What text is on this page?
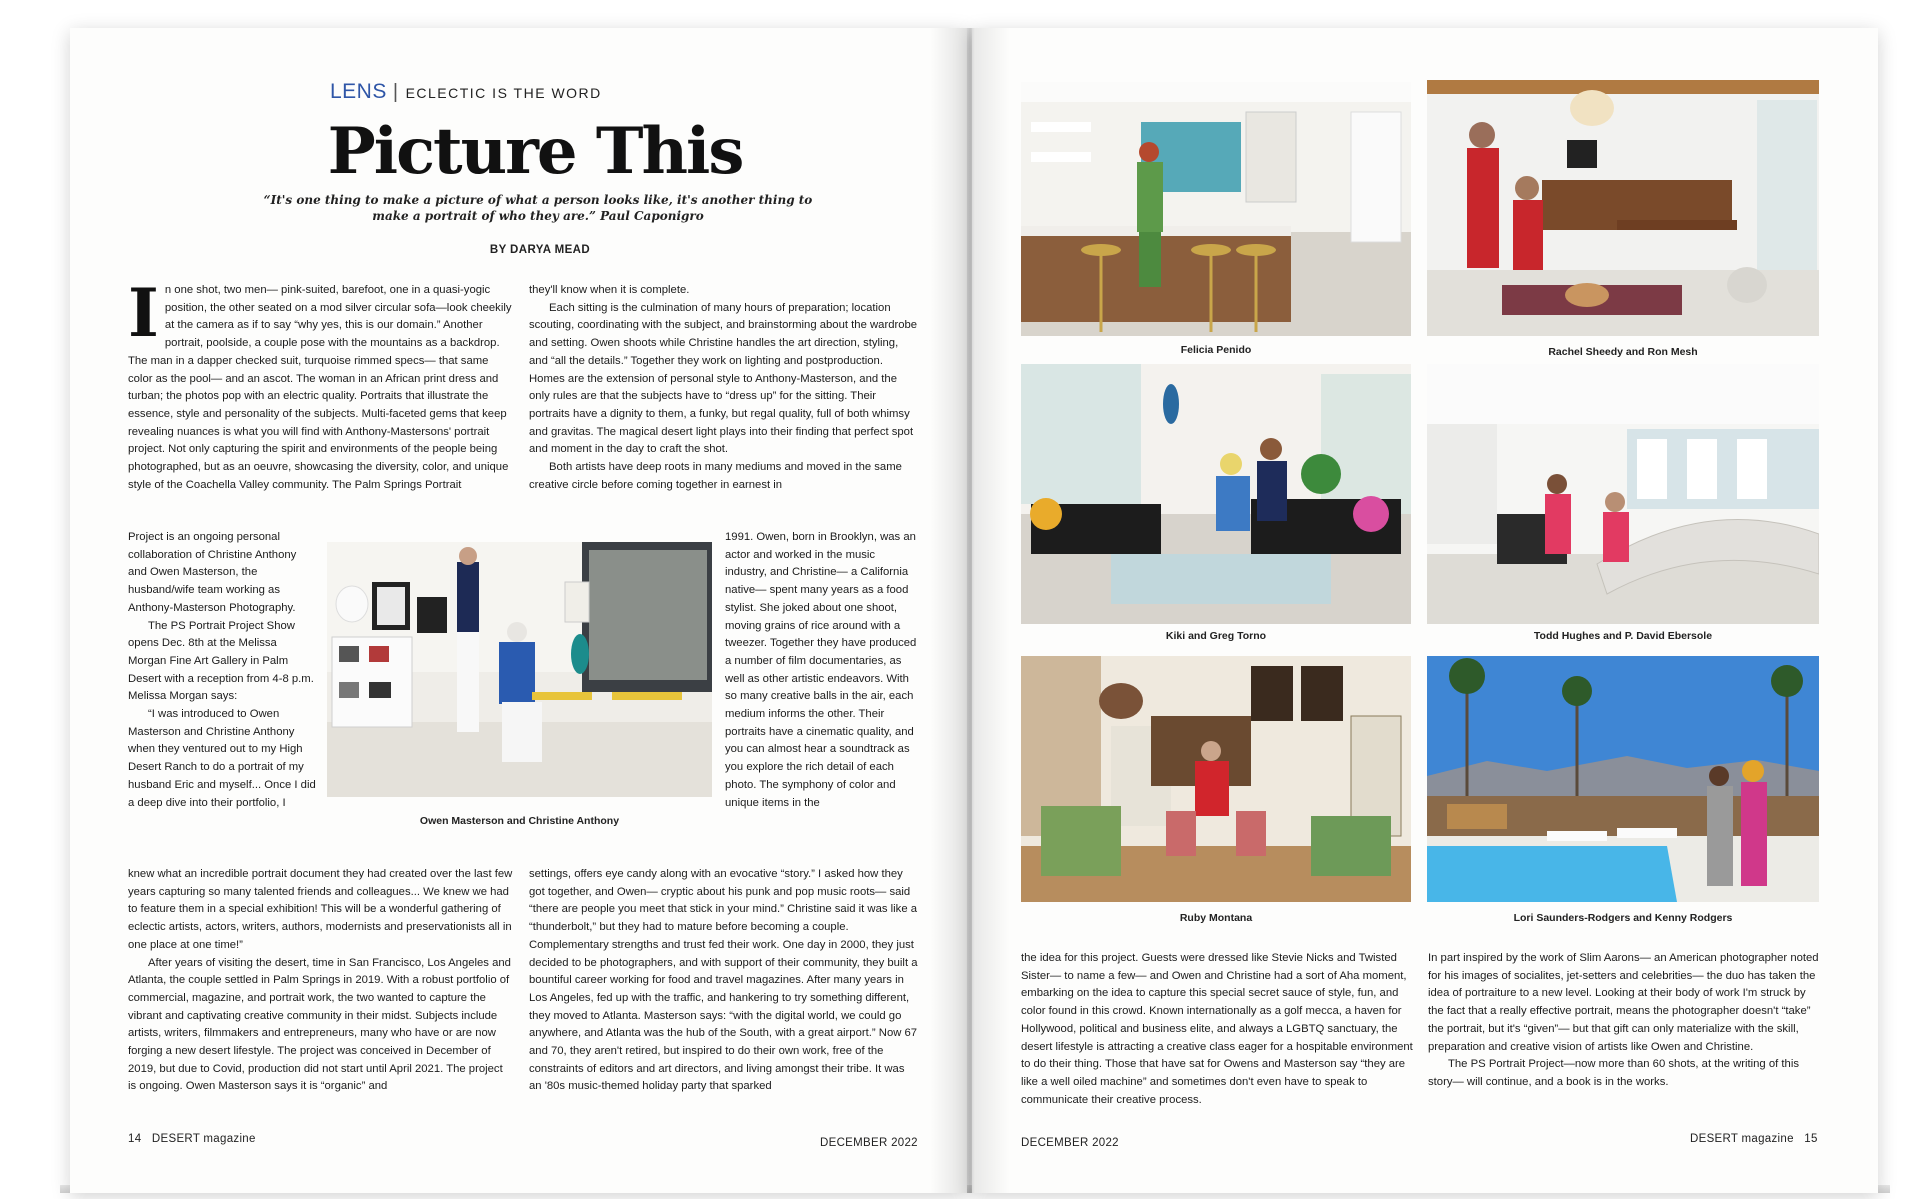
LENS | ECLECTIC IS THE WORD
Picture This
“It's one thing to make a picture of what a person looks like, it's another thing to
make a portrait of who they are.” Paul Caponigro
BY DARYA MEAD
I n one shot, two men— pink-suited, barefoot, one in a quasi-yogic position, the other seated on a mod silver circular sofa—look cheekily at the camera as if to say “why yes, this is our domain.” Another portrait, poolside, a couple pose with the mountains as a backdrop. The man in a dapper checked suit, turquoise rimmed specs— that same color as the pool— and an ascot. The woman in an African print dress and turban; the photos pop with an electric quality. Portraits that illustrate the essence, style and personality of the subjects. Multi-faceted gems that keep revealing nuances is what you will find with Anthony-Mastersons' portrait project. Not only capturing the spirit and environments of the people being photographed, but as an oeuvre, showcasing the diversity, color, and unique style of the Coachella Valley community. The Palm Springs Portrait

Project is an ongoing personal collaboration of Christine Anthony and Owen Masterson, the husband/wife team working as Anthony-Masterson Photography.

The PS Portrait Project Show opens Dec. 8th at the Melissa Morgan Fine Art Gallery in Palm Desert with a reception from 4-8 p.m. Melissa Morgan says:

“I was introduced to Owen Masterson and Christine Anthony when they ventured out to my High Desert Ranch to do a portrait of my husband Eric and myself... Once I did a deep dive into their portfolio, I

knew what an incredible portrait document they had created over the last few years capturing so many talented friends and colleagues... We knew we had to feature them in a special exhibition! This will be a wonderful gathering of eclectic artists, actors, writers, authors, modernists and preservationists all in one place at one time!”

After years of visiting the desert, time in San Francisco, Los Angeles and Atlanta, the couple settled in Palm Springs in 2019. With a robust portfolio of commercial, magazine, and portrait work, the two wanted to capture the vibrant and captivating creative community in their midst. Subjects include artists, writers, filmmakers and entrepreneurs, many who have or are now forging a new desert lifestyle. The project was conceived in December of 2019, but due to Covid, production did not start until April 2021. The project is ongoing. Owen Masterson says it is “organic” and

they'll know when it is complete.

Each sitting is the culmination of many hours of preparation; location scouting, coordinating with the subject, and brainstorming about the wardrobe and setting. Owen shoots while Christine handles the art direction, styling, and “all the details.” Together they work on lighting and postproduction. Homes are the extension of personal style to Anthony-Masterson, and the only rules are that the subjects have to “dress up” for the sitting. Their portraits have a dignity to them, a funky, but regal quality, full of both whimsy and gravitas. The magical desert light plays into their finding that perfect spot and moment in the day to craft the shot.

Both artists have deep roots in many mediums and moved in the same creative circle before coming together in earnest in

1991. Owen, born in Brooklyn, was an actor and worked in the music industry, and Christine— a California native— spent many years as a food stylist. She joked about one shoot, moving grains of rice around with a tweezer. Together they have produced a number of film documentaries, as well as other artistic endeavors. With so many creative balls in the air, each medium informs the other. Their portraits have a cinematic quality, and you can almost hear a soundtrack as you explore the rich detail of each photo. The symphony of color and unique items in the

settings, offers eye candy along with an evocative “story.” I asked how they got together, and Owen— cryptic about his punk and pop music roots— said “there are people you meet that stick in your mind.” Christine said it was like a “thunderbolt,” but they had to mature before becoming a couple. Complementary strengths and trust fed their work. One day in 2000, they just decided to be photographers, and with support of their community, they built a bountiful career working for food and travel magazines. After many years in Los Angeles, fed up with the traffic, and hankering to try something different, they moved to Atlanta. Masterson says: “with the digital world, we could go anywhere, and Atlanta was the hub of the South, with a great airport.” Now 67 and 70, they aren't retired, but inspired to do their own work, free of the constraints of editors and art directors, and living amongst their tribe. It was an '80s music-themed holiday party that sparked

Owen Masterson and Christine Anthony
14 DESERT magazine	DECEMBER 2022
Felicia Penido	Rachel Sheedy and Ron Mesh
Kiki and Greg Torno	Todd Hughes and P. David Ebersole
Ruby Montana	Lori Saunders-Rodgers and Kenny Rodgers

the idea for this project. Guests were dressed like Stevie Nicks and Twisted Sister— to name a few— and Owen and Christine had a sort of Aha moment, embarking on the idea to capture this special secret sauce of style, fun, and color found in this crowd. Known internationally as a golf mecca, a haven for Hollywood, political and business elite, and always a LGBTQ sanctuary, the desert lifestyle is attracting a creative class eager for a hospitable environment to do their thing. Those that have sat for Owens and Masterson say “they are like a well oiled machine” and sometimes don't even have to speak to communicate their creative process.

In part inspired by the work of Slim Aarons— an American photographer noted for his images of socialites, jet-setters and celebrities— the duo has taken the idea of portraiture to a new level. Looking at their body of work I'm struck by the fact that a really effective portrait, means the photographer doesn't “take” the portrait, but it's “given”— but that gift can only materialize with the skill, preparation and creative vision of artists like Owen and Christine.

The PS Portrait Project—now more than 60 shots, at the writing of this story— will continue, and a book is in the works.

DECEMBER 2022	DESERT magazine 15
